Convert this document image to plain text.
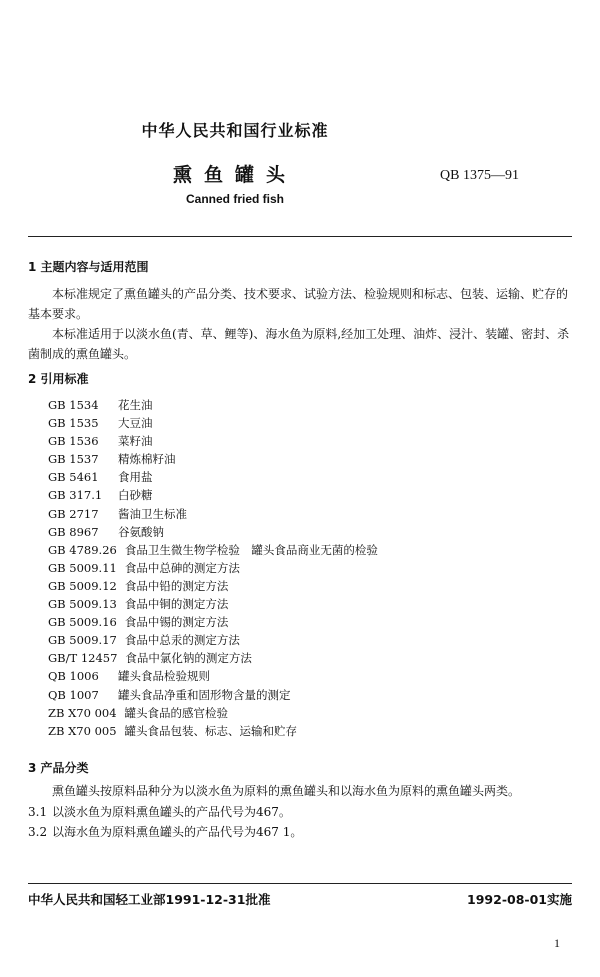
中华人民共和国行业标准
熏鱼罐头	QB 1375—91
Canned fried fish
1 主题内容与适用范围

本标准规定了熏鱼罐头的产品分类、技术要求、试验方法、检验规则和标志、包装、运输、贮存的基本要求。

本标准适用于以淡水鱼(青、草、鲤等)、海水鱼为原料,经加工处理、油炸、浸汁、装罐、密封、杀菌制成的熏鱼罐头。

2 引用标准
GB 1534 花生油
GB 1535 大豆油
GB 1536 菜籽油
GB 1537 精炼棉籽油
GB 5461 食用盐
GB 317.1 白砂糖
GB 2717 酱油卫生标准
GB 8967 谷氨酸钠
GB 4789.26 食品卫生微生物学检验　罐头食品商业无菌的检验
GB 5009.11 食品中总砷的测定方法
GB 5009.12 食品中铅的测定方法
GB 5009.13 食品中铜的测定方法
GB 5009.16 食品中锡的测定方法
GB 5009.17 食品中总汞的测定方法
GB/T 12457 食品中氯化钠的测定方法
QB 1006 罐头食品检验规则
QB 1007 罐头食品净重和固形物含量的测定
ZB X70 004 罐头食品的感官检验
ZB X70 005 罐头食品包装、标志、运输和贮存
3 产品分类

熏鱼罐头按原料品种分为以淡水鱼为原料的熏鱼罐头和以海水鱼为原料的熏鱼罐头两类。

3.1 以淡水鱼为原料熏鱼罐头的产品代号为467。
3.2 以海水鱼为原料熏鱼罐头的产品代号为467 1。
中华人民共和国轻工业部1991-12-31批准	1992-08-01实施
1
